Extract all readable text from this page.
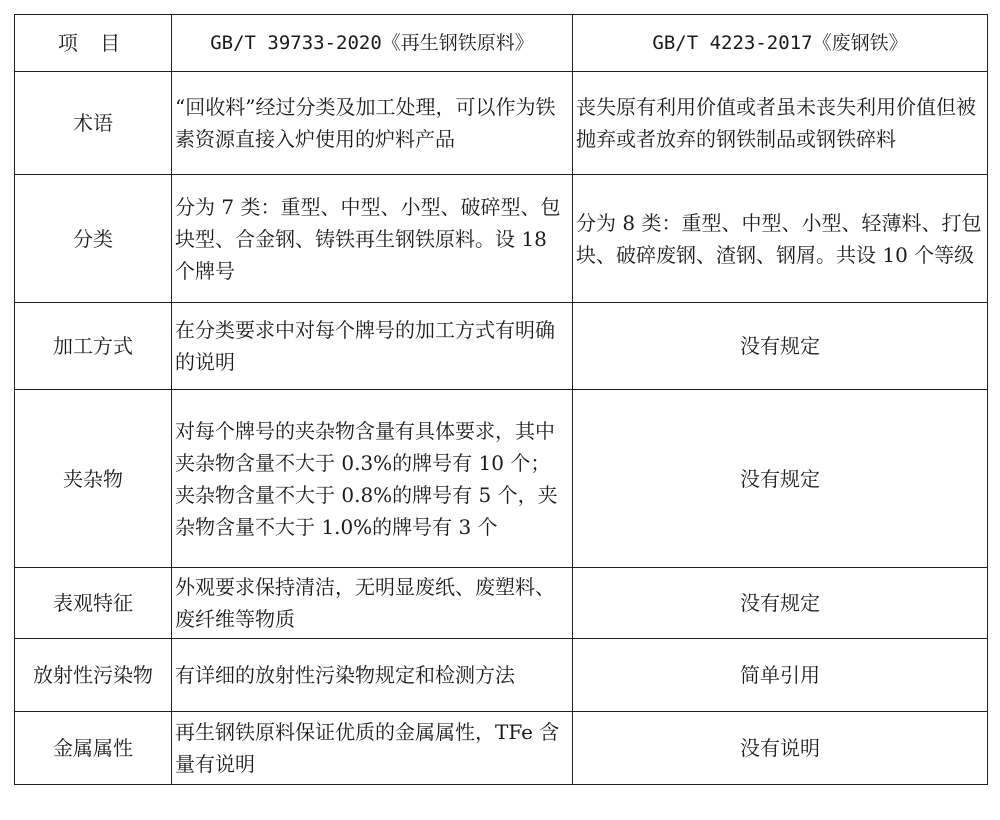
项 目	GB/T 39733-2020《再生钢铁原料》	GB/T 4223-2017《废钢铁》
术语	“回收料”经过分类及加工处理，可以作为铁素资源直接入炉使用的炉料产品	丧失原有利用价值或者虽未丧失利用价值但被抛弃或者放弃的钢铁制品或钢铁碎料
分类	分为 7 类：重型、中型、小型、破碎型、包块型、合金钢、铸铁再生钢铁原料。设 18 个牌号	分为 8 类：重型、中型、小型、轻薄料、打包块、破碎废钢、渣钢、钢屑。共设 10 个等级
加工方式	在分类要求中对每个牌号的加工方式有明确的说明	没有规定
夹杂物	对每个牌号的夹杂物含量有具体要求，其中夹杂物含量不大于 0.3%的牌号有 10 个；夹杂物含量不大于 0.8%的牌号有 5 个，夹杂物含量不大于 1.0%的牌号有 3 个	没有规定
表观特征	外观要求保持清洁，无明显废纸、废塑料、废纤维等物质	没有规定
放射性污染物	有详细的放射性污染物规定和检测方法	简单引用
金属属性	再生钢铁原料保证优质的金属属性，TFe 含量有说明	没有说明
